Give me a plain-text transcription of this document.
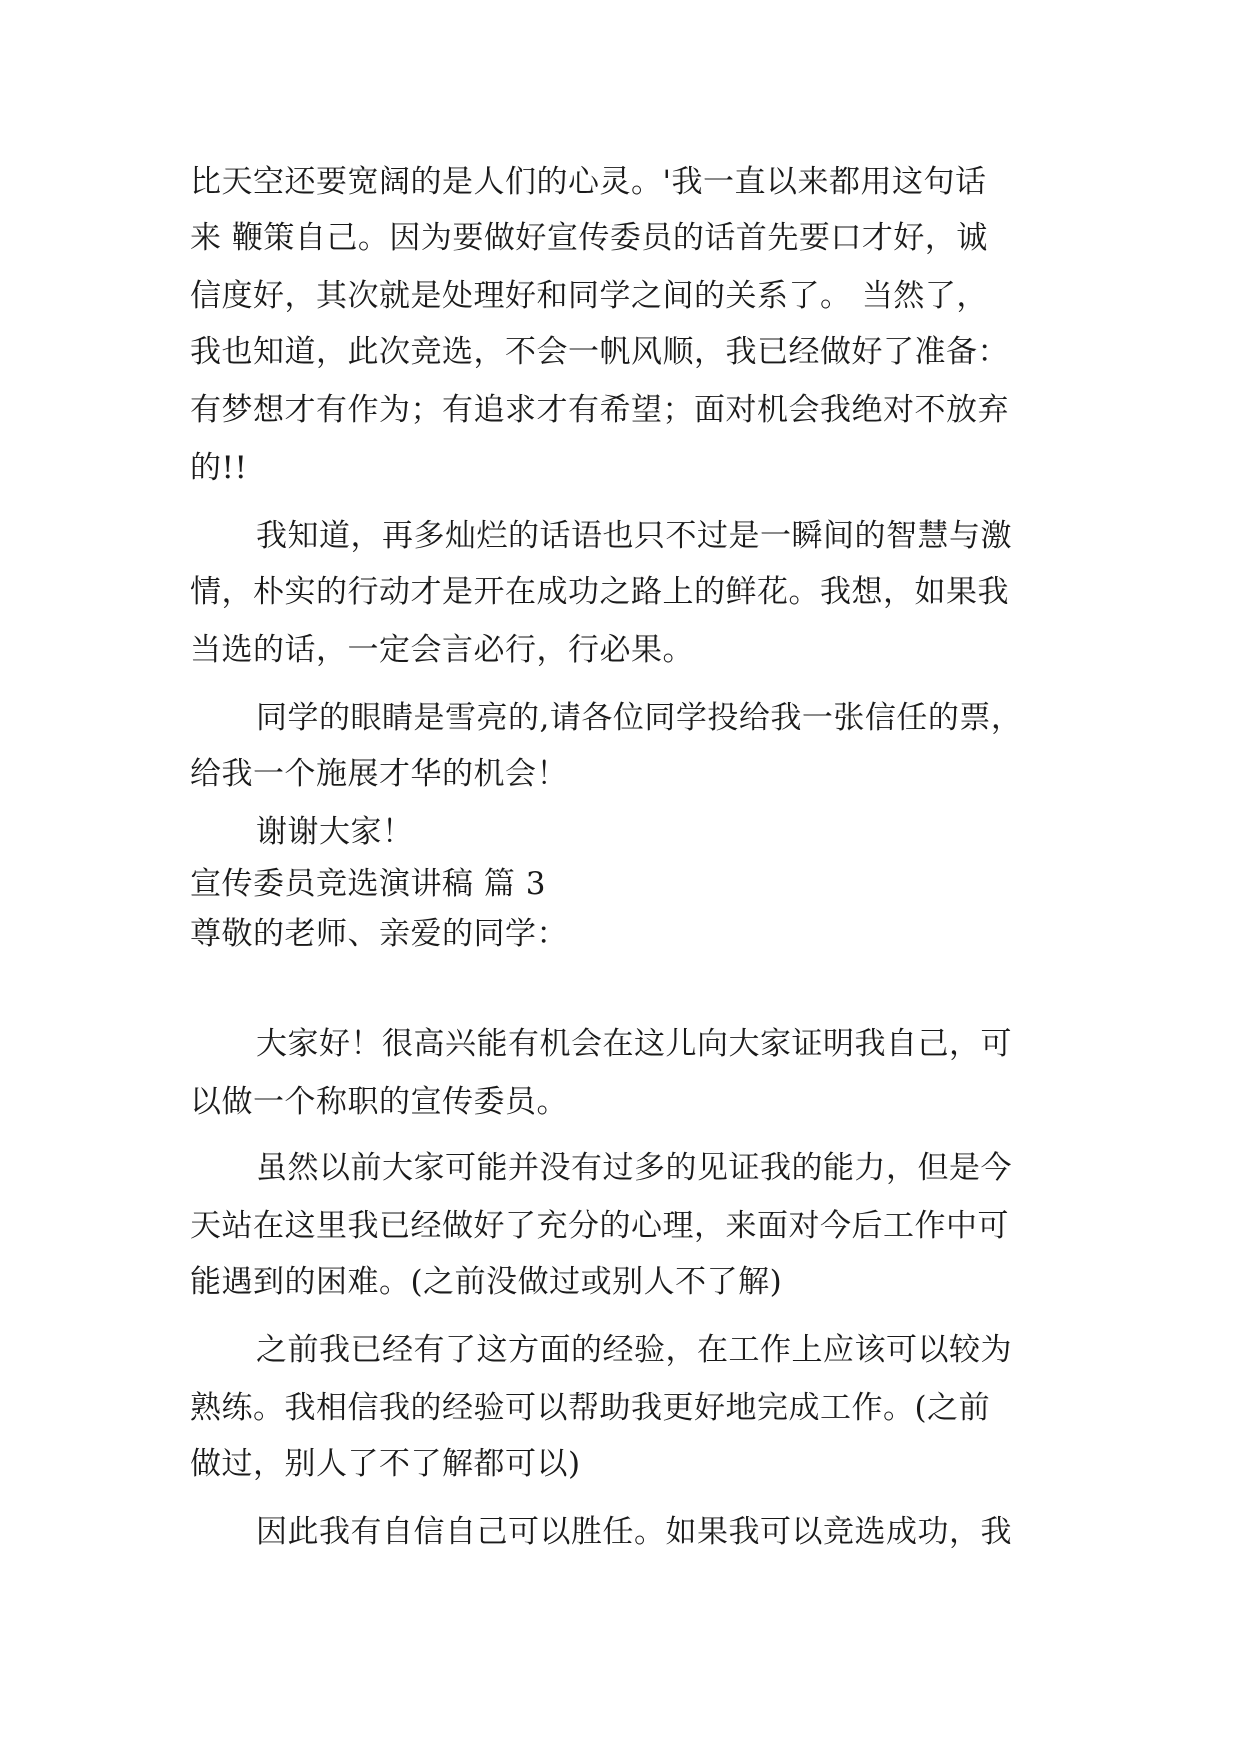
比天空还要宽阔的是人们的心灵。'我一直以来都用这句话
来 鞭策自己。因为要做好宣传委员的话首先要口才好，诚
信度好，其次就是处理好和同学之间的关系了。 当然了，
我也知道，此次竞选，不会一帆风顺，我已经做好了准备：
有梦想才有作为；有追求才有希望；面对机会我绝对不放弃
的!!
我知道，再多灿烂的话语也只不过是一瞬间的智慧与激
情，朴实的行动才是开在成功之路上的鲜花。我想，如果我
当选的话，一定会言必行，行必果。
同学的眼睛是雪亮的,请各位同学投给我一张信任的票，
给我一个施展才华的机会！
谢谢大家！
宣传委员竞选演讲稿 篇 3
尊敬的老师、亲爱的同学：
大家好！很高兴能有机会在这儿向大家证明我自己，可
以做一个称职的宣传委员。
虽然以前大家可能并没有过多的见证我的能力，但是今
天站在这里我已经做好了充分的心理，来面对今后工作中可
能遇到的困难。(之前没做过或别人不了解)
之前我已经有了这方面的经验，在工作上应该可以较为
熟练。我相信我的经验可以帮助我更好地完成工作。(之前
做过，别人了不了解都可以)
因此我有自信自己可以胜任。如果我可以竞选成功，我
